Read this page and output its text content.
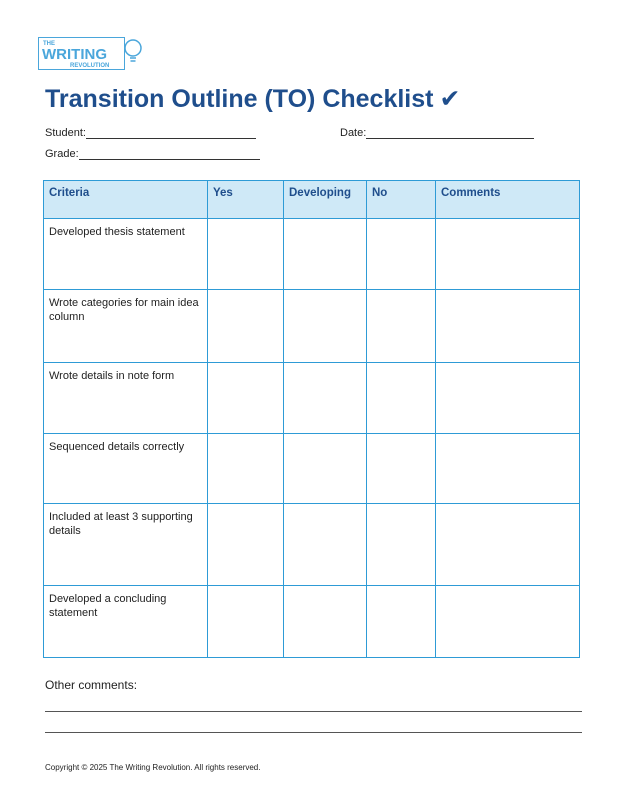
THE
WRITING
REVOLUTION
Transition Outline (TO) Checklist ✔
Student:	Date:
Grade:
Criteria	Yes	Developing	No	Comments
Developed thesis statement				
Wrote categories for main idea column				
Wrote details in note form				
Sequenced details correctly				
Included at least 3 supporting details				
Developed a concluding statement				

Other comments:

Copyright © 2025 The Writing Revolution. All rights reserved.
